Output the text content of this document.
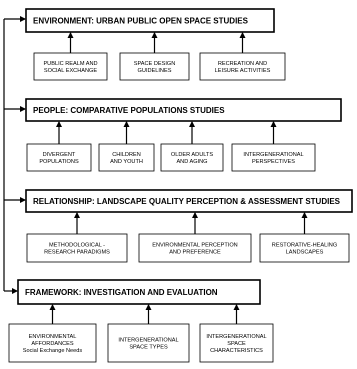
ENVIRONMENT: URBAN PUBLIC OPEN SPACE STUDIES
PUBLIC REALM AND
SOCIAL EXCHANGE
SPACE DESIGN
GUIDELINES
RECREATION AND
LEISURE ACTIVITIES
PEOPLE: COMPARATIVE POPULATIONS STUDIES
DIVERGENT
POPULATIONS
CHILDREN
AND YOUTH
OLDER ADULTS
AND AGING
INTERGENERATIONAL
PERSPECTIVES
RELATIONSHIP: LANDSCAPE QUALITY PERCEPTION & ASSESSMENT STUDIES
METHODOLOGICAL -
RESEARCH PARADIGMS
ENVIRONMENTAL PERCEPTION
AND PREFERENCE
RESTORATIVE-HEALING
LANDSCAPES
FRAMEWORK: INVESTIGATION AND EVALUATION
ENVIRONMENTAL
AFFORDANCES
Social Exchange Needs
INTERGENERATIONAL
SPACE TYPES
INTERGENERATIONAL
SPACE
CHARACTERISTICS
